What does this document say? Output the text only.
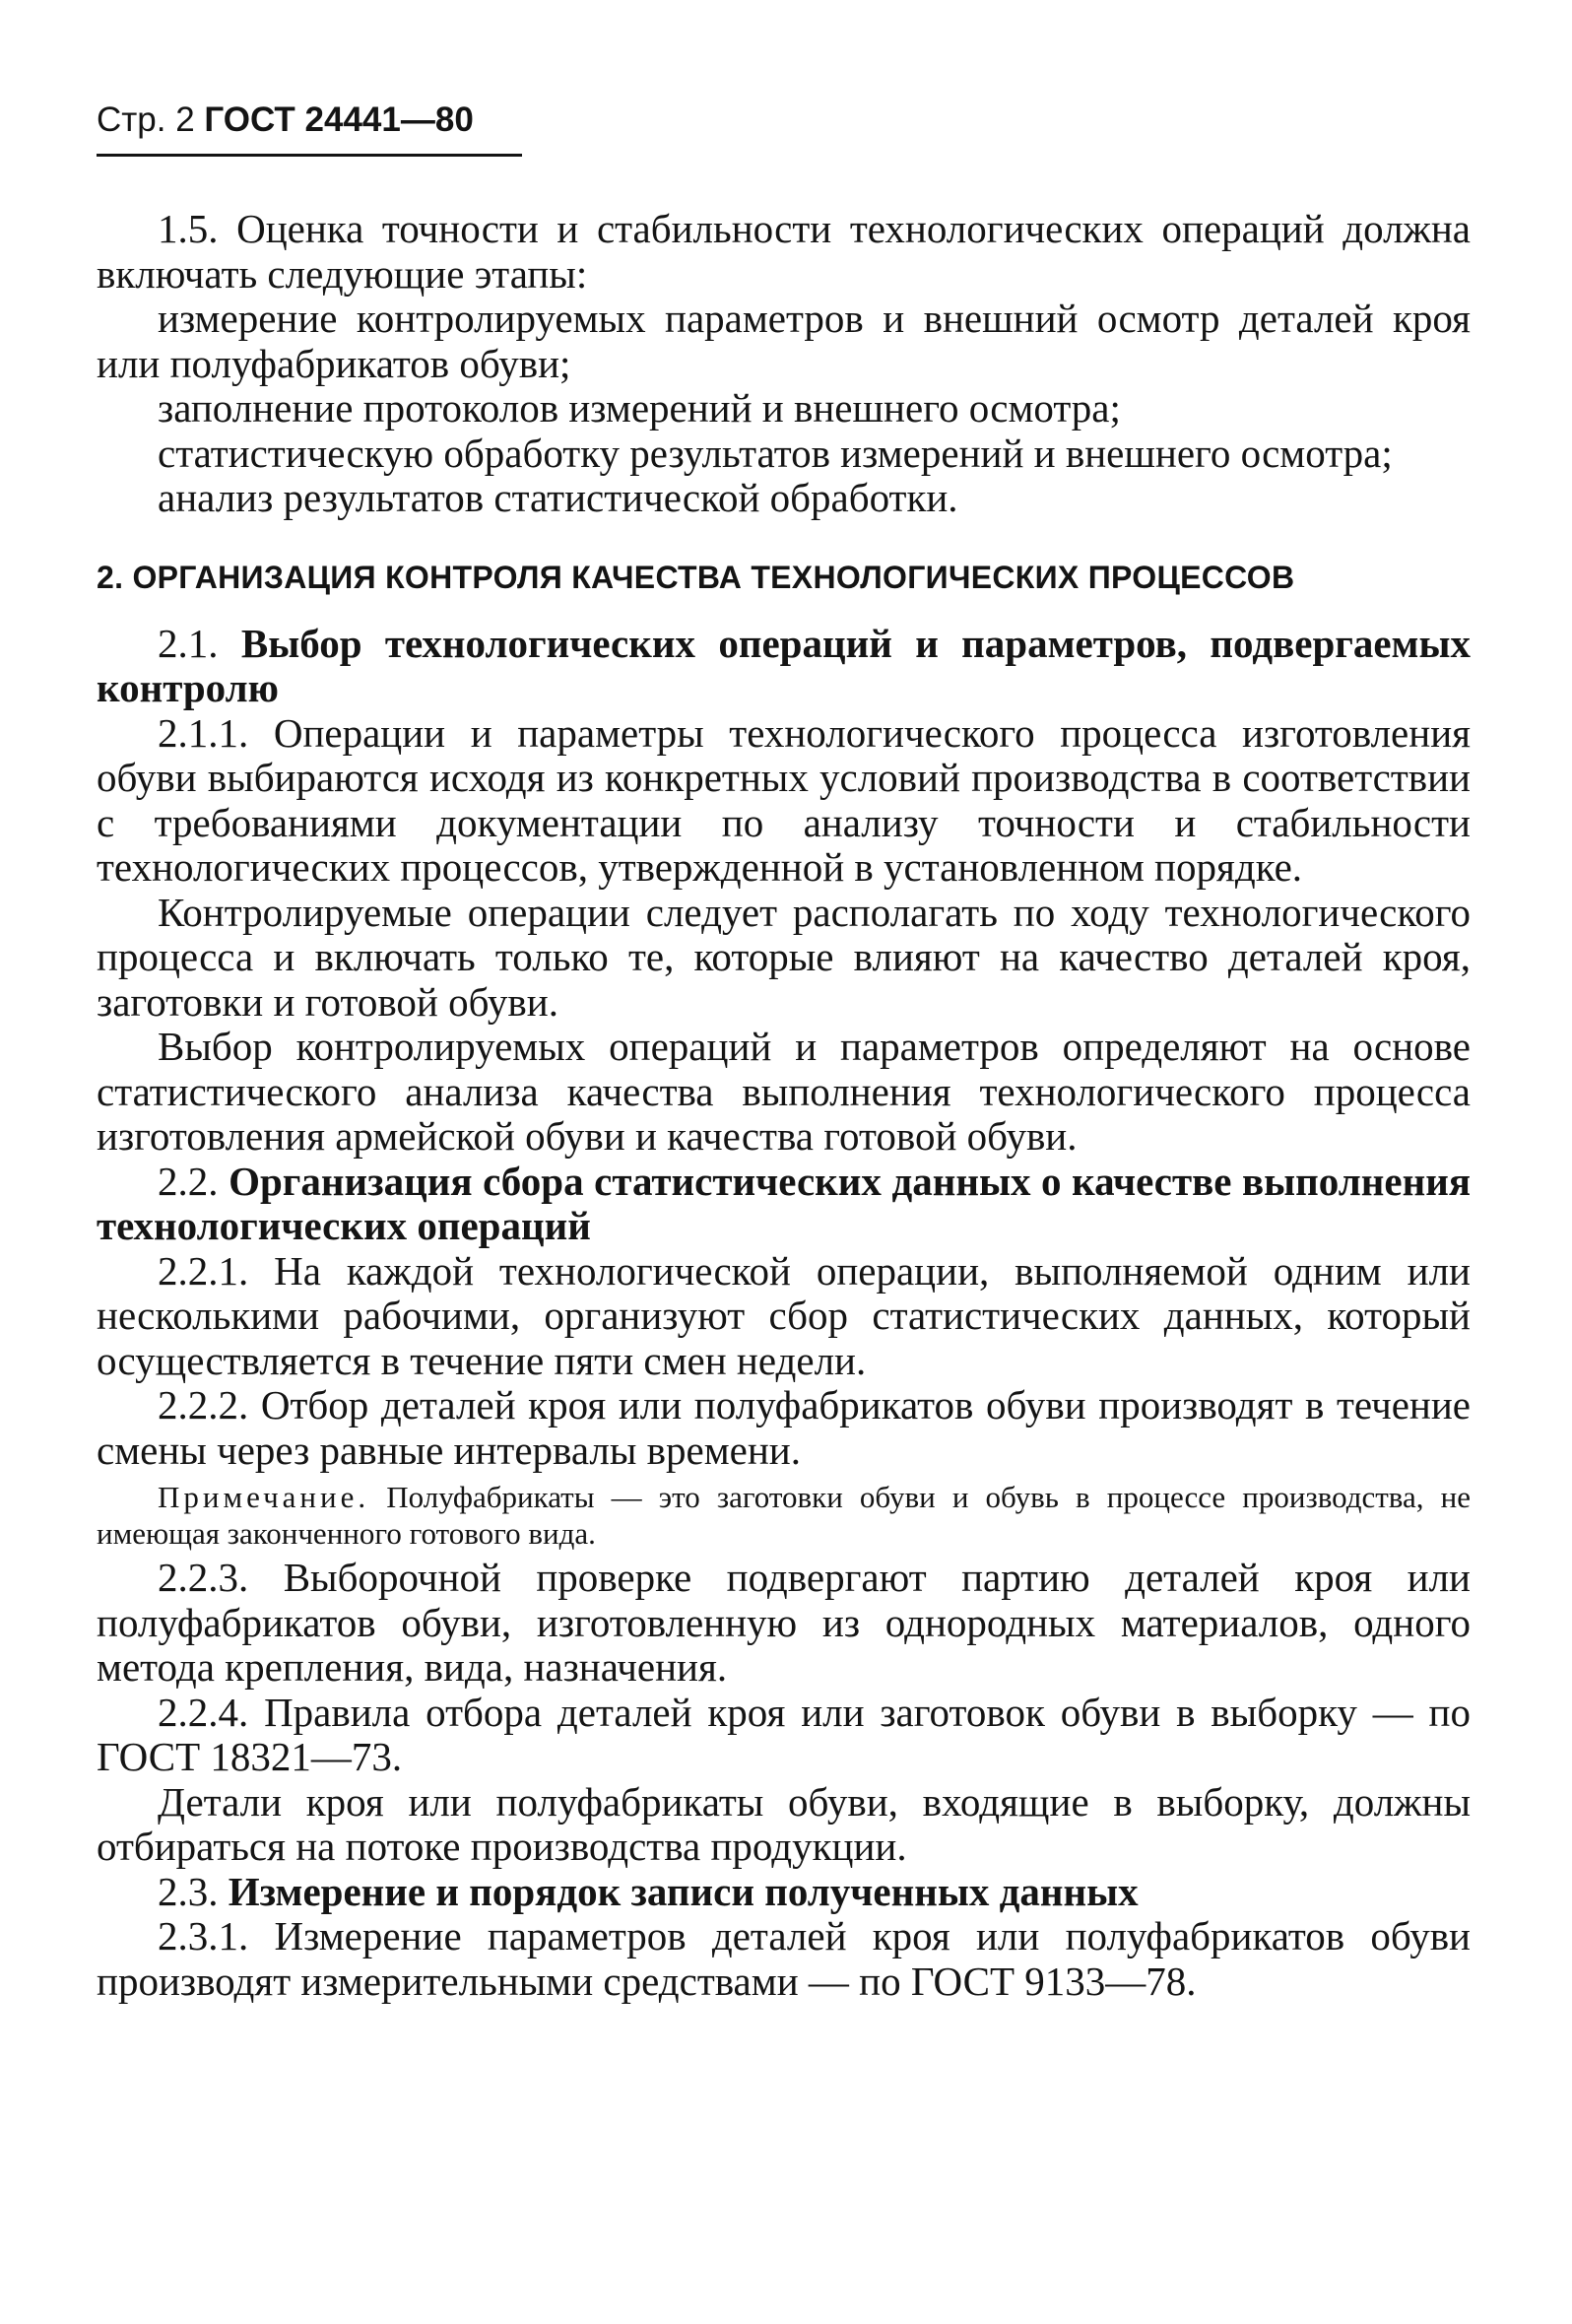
Стр. 2 ГОСТ 24441—80

1.5. Оценка точности и стабильности технологических операций должна включать следующие этапы:

измерение контролируемых параметров и внешний осмотр деталей кроя или полуфабрикатов обуви;

заполнение протоколов измерений и внешнего осмотра;

статистическую обработку результатов измерений и внешнего осмотра;

анализ результатов статистической обработки.

2. ОРГАНИЗАЦИЯ КОНТРОЛЯ КАЧЕСТВА ТЕХНОЛОГИЧЕСКИХ ПРОЦЕССОВ

2.1. Выбор технологических операций и параметров, подвергаемых контролю

2.1.1. Операции и параметры технологического процесса изготовления обуви выбираются исходя из конкретных условий производства в соответствии с требованиями документации по анализу точности и стабильности технологических процессов, утвержденной в установленном порядке.

Контролируемые операции следует располагать по ходу технологического процесса и включать только те, которые влияют на качество деталей кроя, заготовки и готовой обуви.

Выбор контролируемых операций и параметров определяют на основе статистического анализа качества выполнения технологического процесса изготовления армейской обуви и качества готовой обуви.

2.2. Организация сбора статистических данных о качестве выполнения технологических операций

2.2.1. На каждой технологической операции, выполняемой одним или несколькими рабочими, организуют сбор статистических данных, который осуществляется в течение пяти смен недели.

2.2.2. Отбор деталей кроя или полуфабрикатов обуви производят в течение смены через равные интервалы времени.

Примечание. Полуфабрикаты — это заготовки обуви и обувь в процессе производства, не имеющая законченного готового вида.

2.2.3. Выборочной проверке подвергают партию деталей кроя или полуфабрикатов обуви, изготовленную из однородных материалов, одного метода крепления, вида, назначения.

2.2.4. Правила отбора деталей кроя или заготовок обуви в выборку — по ГОСТ 18321—73.

Детали кроя или полуфабрикаты обуви, входящие в выборку, должны отбираться на потоке производства продукции.

2.3. Измерение и порядок записи полученных данных

2.3.1. Измерение параметров деталей кроя или полуфабрикатов обуви производят измерительными средствами — по ГОСТ 9133—78.
